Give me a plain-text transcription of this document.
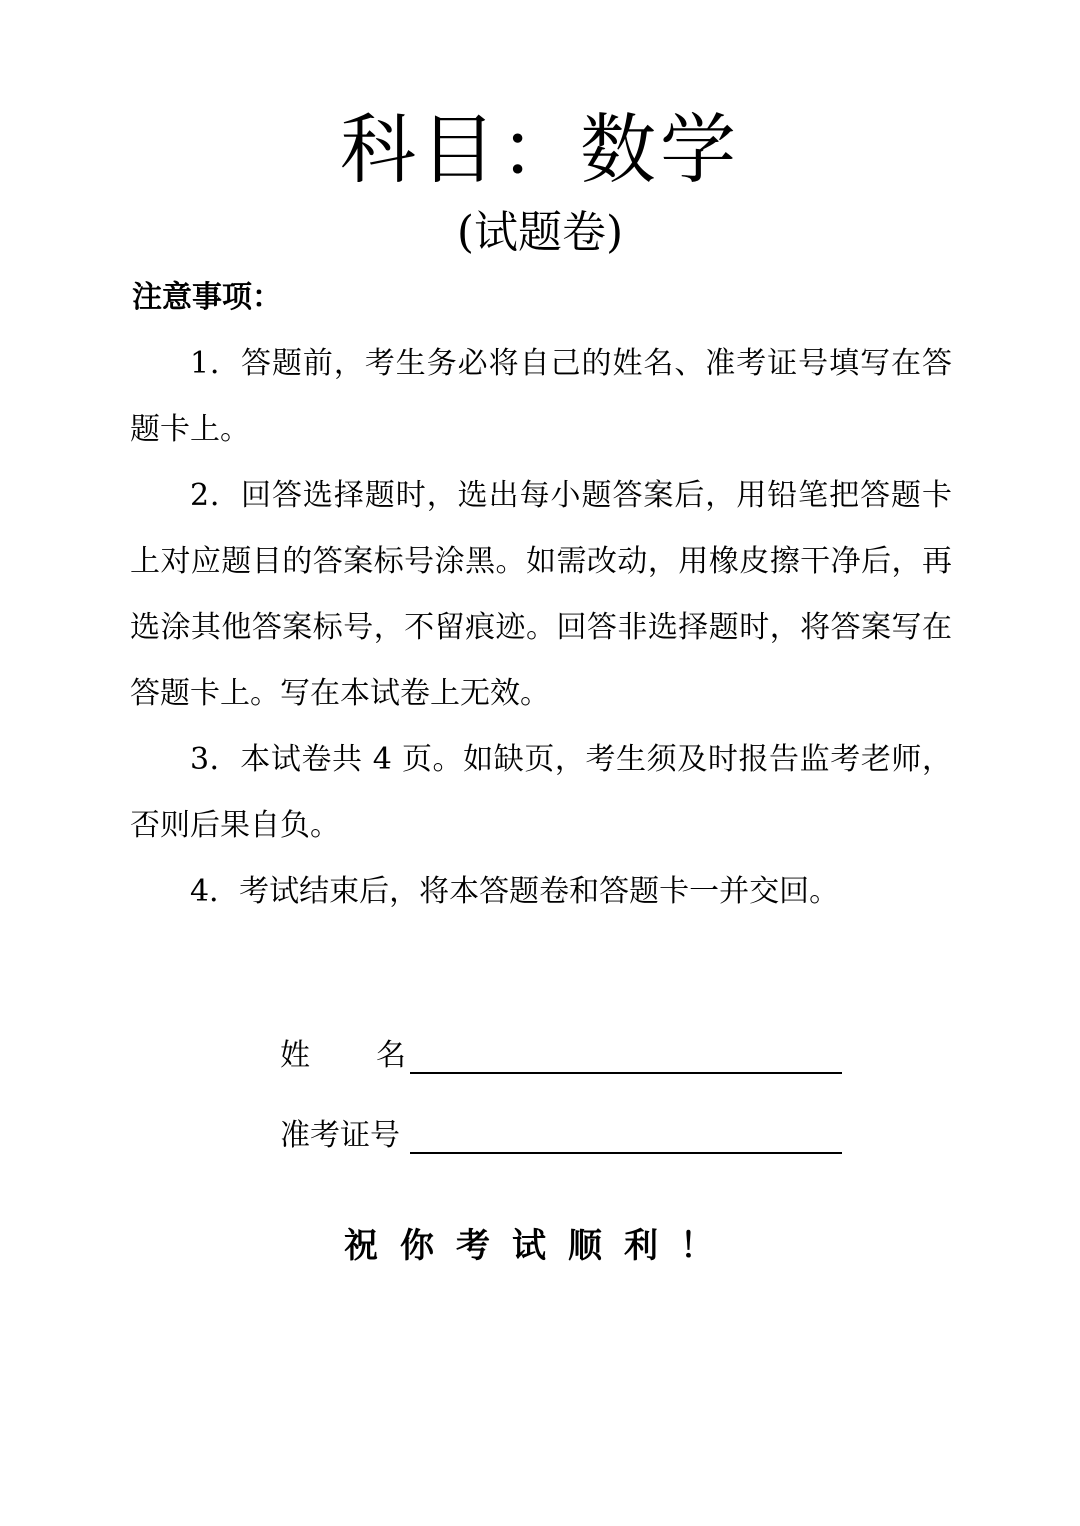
科目：数学
(试题卷)
注意事项：

1．答题前，考生务必将自己的姓名、准考证号填写在答题卡上。

2．回答选择题时，选出每小题答案后，用铅笔把答题卡上对应题目的答案标号涂黑。如需改动，用橡皮擦干净后，再选涂其他答案标号，不留痕迹。回答非选择题时，将答案写在答题卡上。写在本试卷上无效。

3．本试卷共 4 页。如缺页，考生须及时报告监考老师，否则后果自负。

4．考试结束后，将本答题卷和答题卡一并交回。

姓 名
准考证号
祝你考试顺利！
